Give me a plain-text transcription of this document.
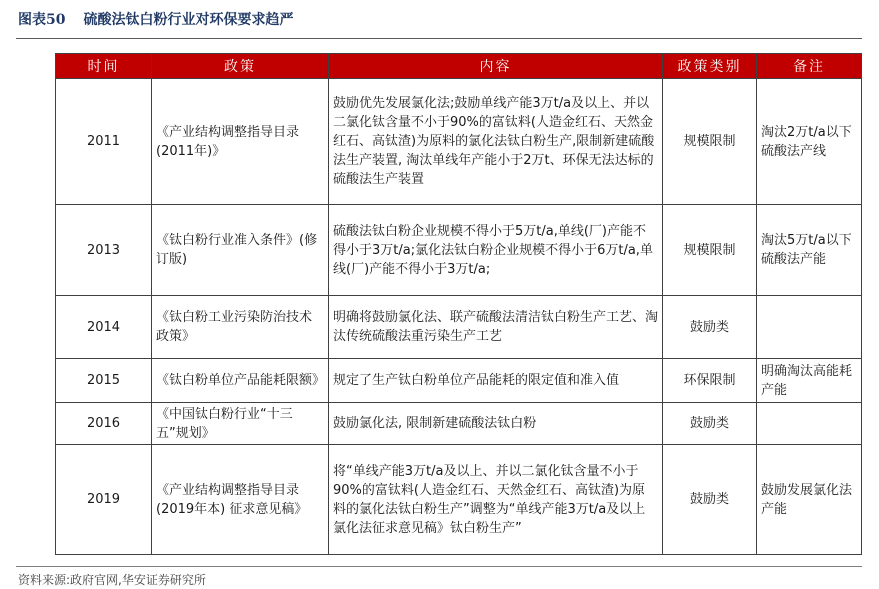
图表50 硫酸法钛白粉行业对环保要求趋严
时间	政策	内容	政策类别	备注
2011	《产业结构调整指导目录(2011年)》	鼓励优先发展氯化法;鼓励单线产能3万t/a及以上、并以二氯化钛含量不小于90%的富钛料(人造金红石、天然金红石、高钛渣)为原料的氯化法钛白粉生产,限制新建硫酸法生产装置, 淘汰单线年产能小于2万t、环保无法达标的硫酸法生产装置	规模限制	淘汰2万t/a以下硫酸法产线
2013	《钛白粉行业准入条件》(修订版)	硫酸法钛白粉企业规模不得小于5万t/a,单线(厂)产能不得小于3万t/a;氯化法钛白粉企业规模不得小于6万t/a,单线(厂)产能不得小于3万t/a;	规模限制	淘汰5万t/a以下硫酸法产能
2014	《钛白粉工业污染防治技术政策》	明确将鼓励氯化法、联产硫酸法清洁钛白粉生产工艺、淘汰传统硫酸法重污染生产工艺	鼓励类	
2015	《钛白粉单位产品能耗限额》	规定了生产钛白粉单位产品能耗的限定值和准入值	环保限制	明确淘汰高能耗产能
2016	《中国钛白粉行业“十三五”规划》	鼓励氯化法, 限制新建硫酸法钛白粉	鼓励类	
2019	《产业结构调整指导目录(2019年本) 征求意见稿》	将“单线产能3万t/a及以上、并以二氯化钛含量不小于90%的富钛料(人造金红石、天然金红石、高钛渣)为原料的氯化法钛白粉生产”调整为“单线产能3万t/a及以上氯化法征求意见稿》钛白粉生产”	鼓励类	鼓励发展氯化法产能
资料来源:政府官网,华安证券研究所
